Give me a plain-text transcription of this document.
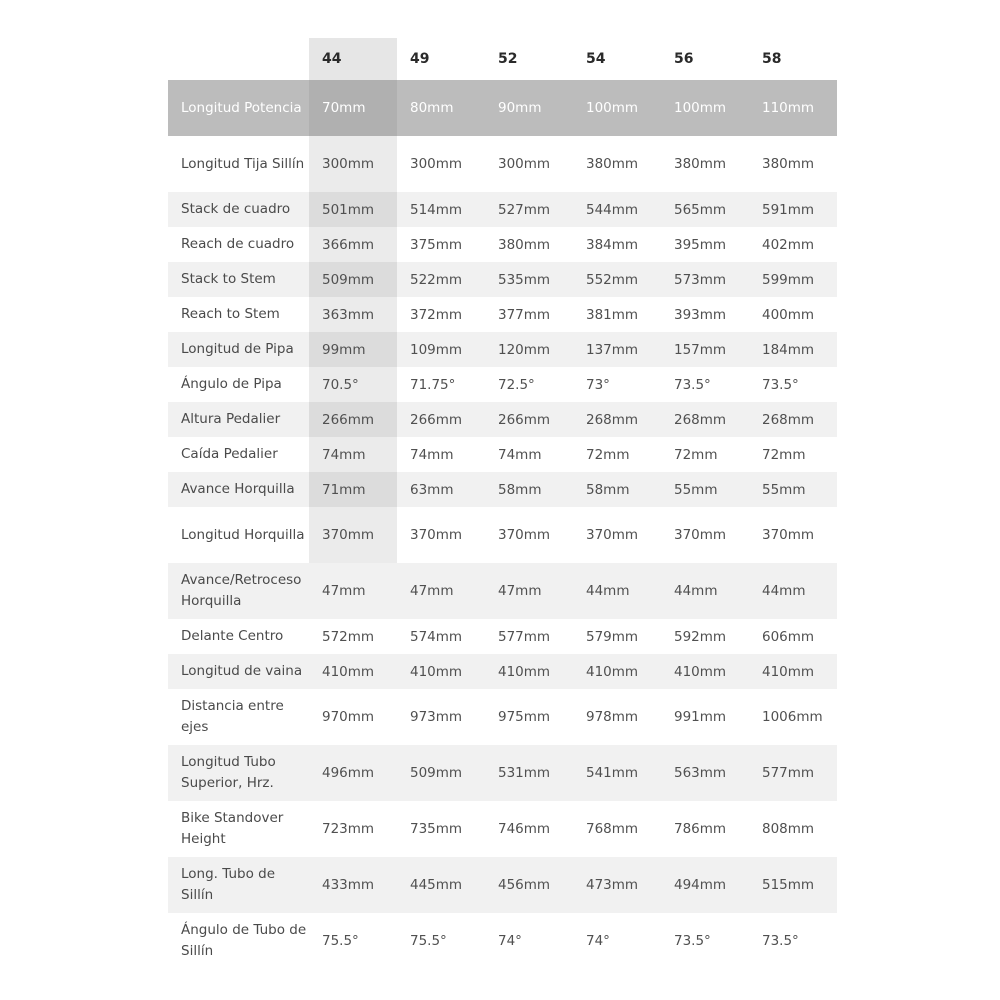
	44	49	52	54	56	58
Longitud Potencia	70mm	80mm	90mm	100mm	100mm	110mm
Longitud Tija Sillín	300mm	300mm	300mm	380mm	380mm	380mm
Stack de cuadro	501mm	514mm	527mm	544mm	565mm	591mm
Reach de cuadro	366mm	375mm	380mm	384mm	395mm	402mm
Stack to Stem	509mm	522mm	535mm	552mm	573mm	599mm
Reach to Stem	363mm	372mm	377mm	381mm	393mm	400mm
Longitud de Pipa	99mm	109mm	120mm	137mm	157mm	184mm
Ángulo de Pipa	70.5°	71.75°	72.5°	73°	73.5°	73.5°
Altura Pedalier	266mm	266mm	266mm	268mm	268mm	268mm
Caída Pedalier	74mm	74mm	74mm	72mm	72mm	72mm
Avance Horquilla	71mm	63mm	58mm	58mm	55mm	55mm
Longitud Horquilla	370mm	370mm	370mm	370mm	370mm	370mm
Avance/Retroceso Horquilla	47mm	47mm	47mm	44mm	44mm	44mm
Delante Centro	572mm	574mm	577mm	579mm	592mm	606mm
Longitud de vaina	410mm	410mm	410mm	410mm	410mm	410mm
Distancia entre ejes	970mm	973mm	975mm	978mm	991mm	1006mm
Longitud Tubo Superior, Hrz.	496mm	509mm	531mm	541mm	563mm	577mm
Bike Standover Height	723mm	735mm	746mm	768mm	786mm	808mm
Long. Tubo de Sillín	433mm	445mm	456mm	473mm	494mm	515mm
Ángulo de Tubo de Sillín	75.5°	75.5°	74°	74°	73.5°	73.5°
